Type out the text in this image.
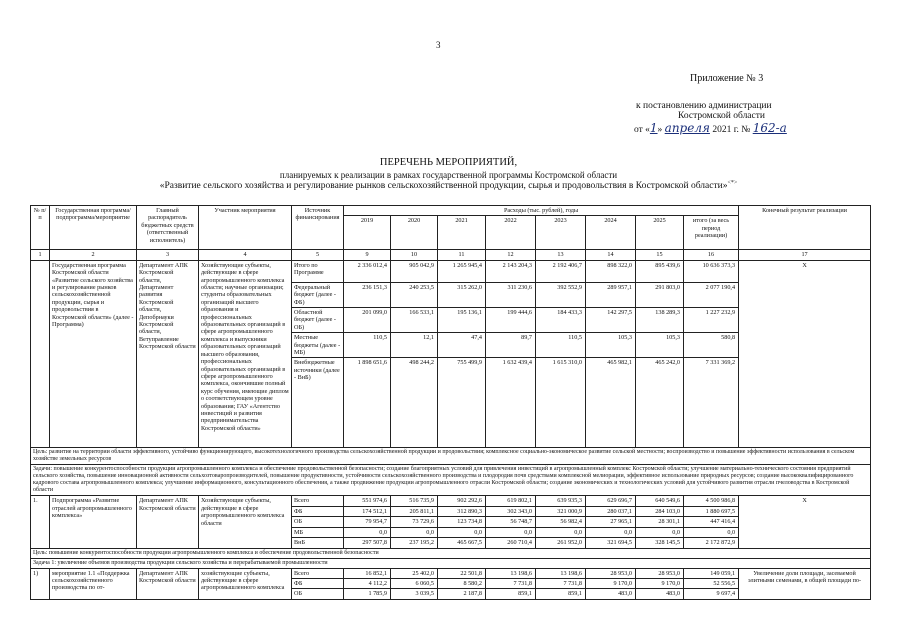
3
Приложение № 3
к постановлению администрации
Костромской области
от «1» апреля 2021 г. № 162-а
ПЕРЕЧЕНЬ МЕРОПРИЯТИЙ,
планируемых к реализации в рамках государственной программы Костромской области
«Развитие сельского хозяйства и регулирование рынков сельскохозяйственной продукции, сырья и продовольствия в Костромской области»<*>
№ п/п	Государственная программа/подпрограмма/мероприятие	Главный распорядитель бюджетных средств (ответственный исполнитель)	Участник мероприятия	Источник финансирования	Расходы (тыс. рублей), годы								Конечный результат реализации
					2019	2020	2021	2022	2023	2024	2025	итого (за весь период реализации)	
1	2	3	4	5	9	10	11	12	13	14	15	16	17
	Государственная программа Костромской области «Развитие сельского хозяйства и регулирование рынков сельскохозяйственной продукции, сырья и продовольствия в Костромской области» (далее - Программа)	Департамент АПК Костромской области, Департамент развития Костромской области, Депобрнауки Костромской области, Ветуправление Костромской области	Хозяйствующие субъекты, действующие в сфере агропромышленного комплекса области; научные организации; студенты образовательных организаций высшего образования и профессиональных образовательных организаций в сфере агропромышленного комплекса и выпускники образовательных организаций высшего образования, профессиональных образовательных организаций в сфере агропромышленного комплекса, окончившие полный курс обучения, имеющие диплом о соответствующем уровне образования; ГАУ «Агентство инвестиций и развития предпринимательства Костромской области»	Итого по Программе	2 336 012,4	905 042,9	1 265 945,4	2 143 204,3	2 192 406,7	898 322,0	895 439,6	10 636 373,3	Х
				Федеральный бюджет (далее - ФБ)	236 151,3	240 253,5	315 262,0	311 230,6	392 552,9	289 957,1	291 803,0	2 077 190,4	
				Областной бюджет (далее - ОБ)	201 099,0	166 533,1	195 136,1	199 444,6	184 433,3	142 297,5	138 289,3	1 227 232,9	
				Местные бюджеты (далее - МБ)	110,5	12,1	47,4	89,7	110,5	105,3	105,3	580,8	
				Внебюджетные источники (далее - ВнБ)	1 898 651,6	498 244,2	755 499,9	1 632 439,4	1 615 310,0	465 982,1	465 242,0	7 331 369,2	
Цель: развитие на территории области эффективного, устойчиво функционирующего, высокотехнологичного производства сельскохозяйственной продукции и продовольствия; комплексное социально-экономическое развитие сельской местности; воспроизводство и повышение эффективности использования в сельском хозяйстве земельных ресурсов													
Задачи: повышение конкурентоспособности продукции агропромышленного комплекса и обеспечение продовольственной безопасности; создание благоприятных условий для привлечения инвестиций в агропромышленный комплекс Костромской области; улучшение материально-технического состояния предприятий сельского хозяйства, повышение инновационной активности сельхозтоваропроизводителей, повышение продуктивности, устойчивости сельскохозяйственного производства и плодородия почв средствами комплексной мелиорации, эффективное использование природных ресурсов; создание высококвалифицированного кадрового состава агропромышленного комплекса; улучшение информационного, консультационного обеспечения, а также продвижение продукции агропромышленного отрасли Костромской области; создание экономических и технологических условий для устойчивого развития отрасли пчеловодства в Костромской области													
1.	Подпрограмма «Развитие отраслей агропромышленного комплекса»	Департамент АПК Костромской области	Хозяйствующие субъекты, действующие в сфере агропромышленного комплекса области	Всего	551 974,6	516 735,9	902 292,6	619 802,1	639 935,3	629 696,7	640 549,6	4 500 986,8	Х
				ФБ	174 512,1	205 811,1	312 890,3	302 343,0	321 000,9	280 037,1	284 103,0	1 880 697,5	
				ОБ	79 954,7	73 729,6	123 734,8	56 748,7	56 982,4	27 965,1	28 301,1	447 416,4	
				МБ	0,0	0,0	0,0	0,0	0,0	0,0	0,0	0,0	
				ВнБ	297 507,8	237 195,2	465 667,5	260 710,4	261 952,0	321 694,5	328 145,5	2 172 872,9	
Цель: повышение конкурентоспособности продукции агропромышленного комплекса и обеспечение продовольственной безопасности													
Задача 1: увеличение объемов производства продукции сельского хозяйства и перерабатываемой промышленности													
1)	мероприятие 1.1 «Поддержка сельскохозяйственного производства по от-	Департамент АПК Костромской области	хозяйствующие субъекты, действующие в сфере агропромышленного комплекса	Всего	16 852,1	25 402,0	22 501,8	13 198,6	13 198,6	28 953,0	28 953,0	149 059,1	Увеличение доли площади, засеваемой элитными семенами, в общей площади по-
				ФБ	4 112,2	6 060,5	8 580,2	7 731,8	7 731,8	9 170,0	9 170,0	52 556,5	
				ОБ	1 785,9	3 039,5	2 187,8	859,1	859,1	483,0	483,0	9 697,4	
